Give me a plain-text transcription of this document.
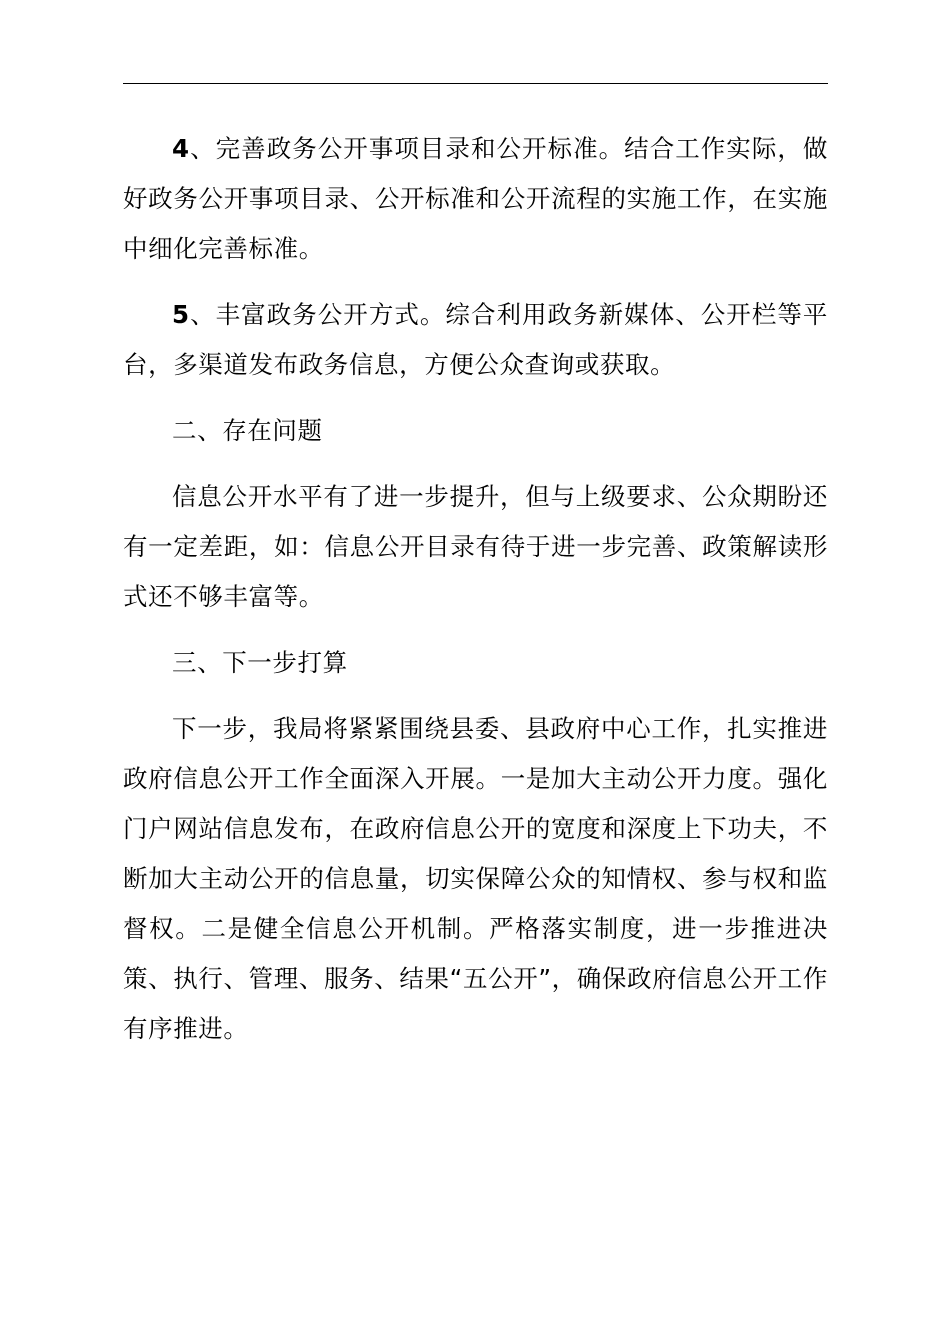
4、完善政务公开事项目录和公开标准。结合工作实际，做好政务公开事项目录、公开标准和公开流程的实施工作，在实施中细化完善标准。

5、丰富政务公开方式。综合利用政务新媒体、公开栏等平台，多渠道发布政务信息，方便公众查询或获取。

二、存在问题

信息公开水平有了进一步提升，但与上级要求、公众期盼还有一定差距，如：信息公开目录有待于进一步完善、政策解读形式还不够丰富等。

三、下一步打算

下一步，我局将紧紧围绕县委、县政府中心工作，扎实推进政府信息公开工作全面深入开展。一是加大主动公开力度。强化门户网站信息发布，在政府信息公开的宽度和深度上下功夫，不断加大主动公开的信息量，切实保障公众的知情权、参与权和监督权。二是健全信息公开机制。严格落实制度，进一步推进决策、执行、管理、服务、结果“五公开”，确保政府信息公开工作有序推进。
